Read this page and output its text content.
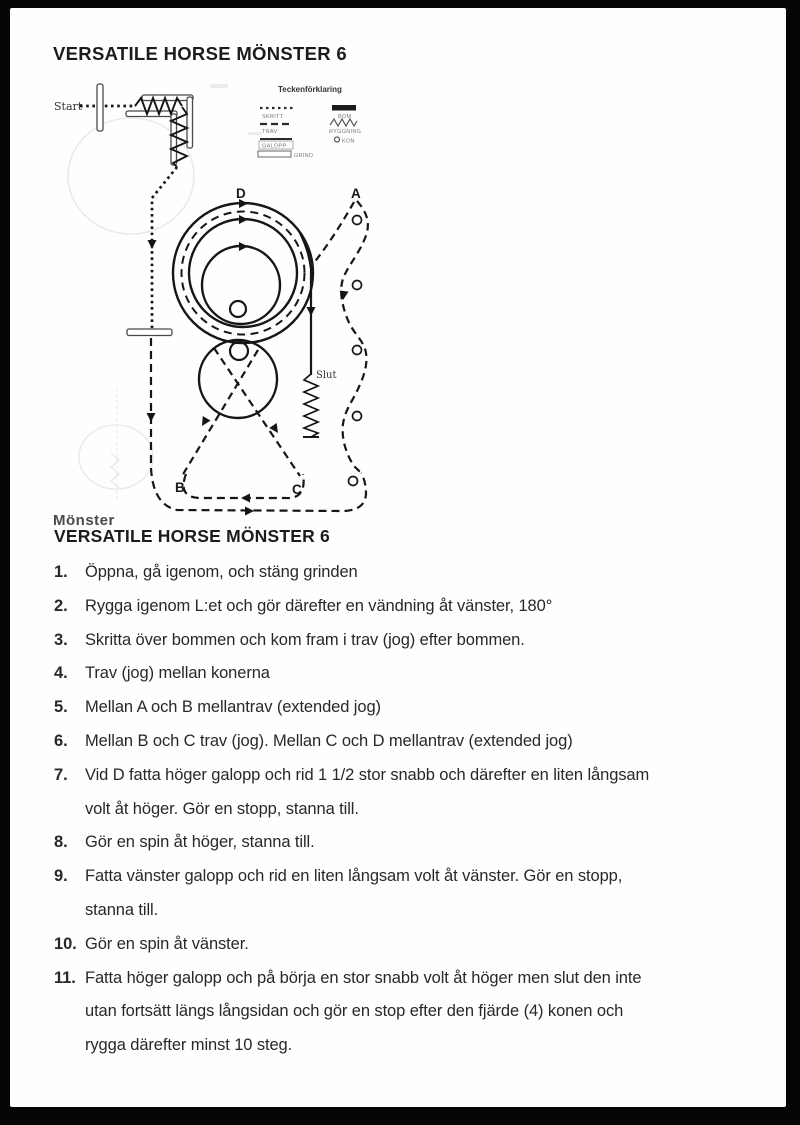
VERSATILE HORSE MÖNSTER 6
Teckenförklaring
SKRITT
TRAV
GALOPP
GRIND
BOM
RYGGNING
KON
Start
Slut
D	A
B	C
Mönster
VERSATILE HORSE MÖNSTER 6
1. Öppna, gå igenom, och stäng grinden
2. Rygga igenom L:et och gör därefter en vändning åt vänster, 180°
3. Skritta över bommen och kom fram i trav (jog) efter bommen.
4. Trav (jog) mellan konerna
5. Mellan A och B mellantrav (extended jog)
6. Mellan B och C trav (jog). Mellan C och D mellantrav (extended jog)
7. Vid D fatta höger galopp och rid 1 1/2 stor snabb och därefter en liten långsam
volt åt höger. Gör en stopp, stanna till.
8. Gör en spin åt höger, stanna till.
9. Fatta vänster galopp och rid en liten långsam volt åt vänster. Gör en stopp,
stanna till.
10. Gör en spin åt vänster.
11. Fatta höger galopp och på börja en stor snabb volt åt höger men slut den inte
utan fortsätt längs långsidan och gör en stop efter den fjärde (4) konen och
rygga därefter minst 10 steg.
